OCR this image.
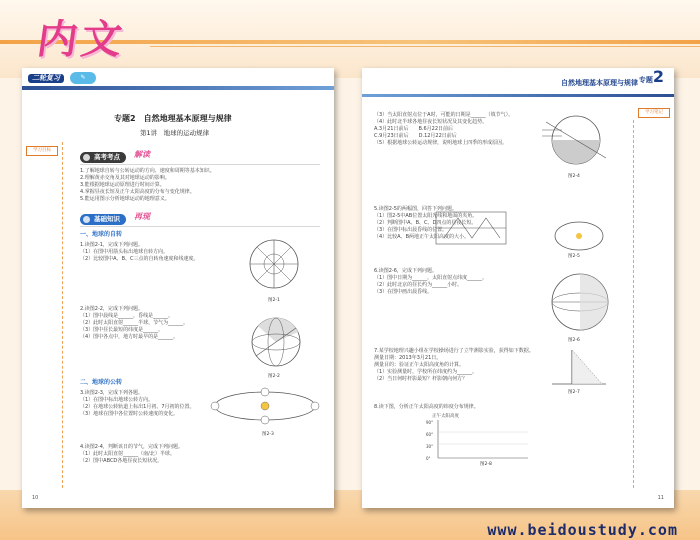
内文
www.beidoustudy.com
二轮复习	✎
专题2　自然地理基本原理与规律
第1讲　地球的运动规律
学习目标
高考考点	解读
1.了解地球自转与公转运动的方向、速度和周期等基本知识。
2.理解黄赤交角及其对地球运动的影响。
3.能根据地球运动原理进行时间计算。
4.掌握昼夜长短及正午太阳高度的分布与变化规律。
5.能运用图示分析地球运动的地理意义。
基础知识	再现
一、地球的自转
1.读图2-1，完成下列问题。
（1）在图中用箭头标出地球自转方向。
（2）比较图中A、B、C三点的自转角速度和线速度。
图2-1
2.读图2-2，完成下列问题。
（1）图中晨线是______，昏线是______。
（2）此时太阳直射______半球，节气为______。
（3）图中昼长最短的纬度是______。
（4）图中各点中，地方时最早的是______。
图2-2
二、地球的公转
3.读图2-3，完成下列各题。
（1）在图中标出地球公转方向。
（2）在地球公转轨道上标出1月初、7月初的位置。
（3）地球在图中各位置时公转速度的变化。
图2-3
4.读图2-4，判断该日的节气，完成下列问题。
（1）此时太阳直射______（南/北）半球。
（2）图中ABCD各地昼夜长短状况。
10
自然地理基本原理与规律 专题2
学习笔记
（3）当太阳直射点位于A时，可能的日期是______（填节气）。
（4）此时北半球各地昼夜长短状况及其变化趋势。
A.3月21日前后　　B.6月22日前后
C.9月23日前后　　D.12月22日前后
（5）根据地球公转运动规律，说明地球上四季的形成原因。
图2-4
5.读图2-5的两幅图，回答下列问题。
（1）图2-5中AB位置太阳光线和地面的夹角。
（2）判断图中A、B、C、D四点的昼夜长短。
（3）在图中标出晨昏线的位置。
（4）比较A、B两地正午太阳高度的大小。
图2-5
6.读图2-6，完成下列问题。
（1）图中日期为______，太阳直射点纬度______。
（2）此时北京的昼长约为______小时。
（3）在图中画出晨昏线。
图2-6
7.某学校地理兴趣小组在学校操场进行了立竿测影实验，获得如下数据。
测量日期：2013年3月21日。
测量目的：验证正午太阳高度角的计算。
（1）实验测量时，学校所在纬度约为______。
（2）当日何时杆影最短？杆影朝向何方？
图2-7
8.读下图，分析正午太阳高度的纬度分布规律。
正午太阳高度
90°
60°
30°
0°
图2-8
11
